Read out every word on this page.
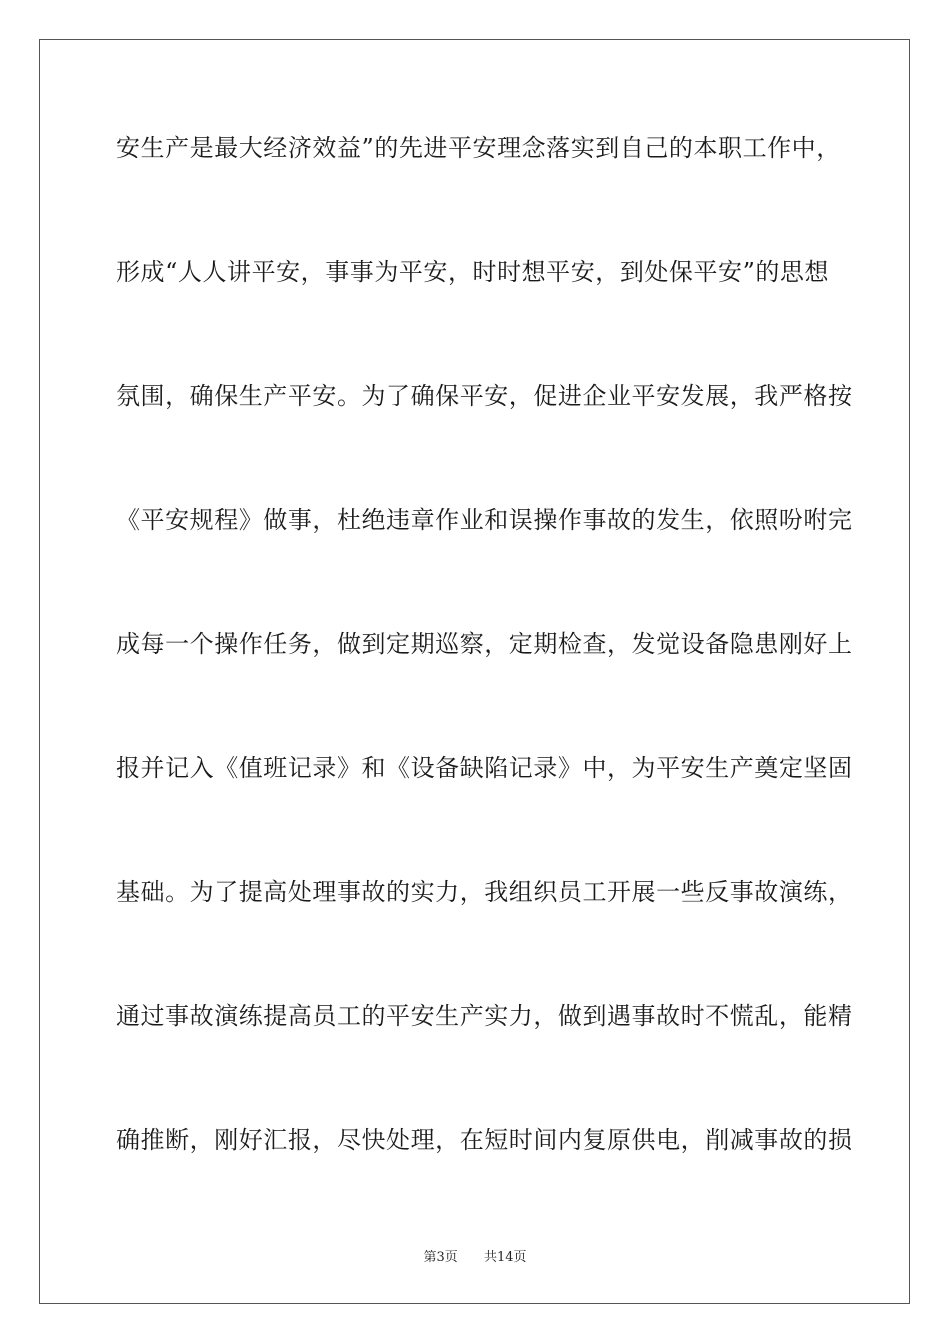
安生产是最大经济效益”的先进平安理念落实到自己的本职工作中，
形成“人人讲平安，事事为平安，时时想平安，到处保平安”的思想
氛围，确保生产平安。为了确保平安，促进企业平安发展，我严格按
《平安规程》做事，杜绝违章作业和误操作事故的发生，依照吩咐完
成每一个操作任务，做到定期巡察，定期检查，发觉设备隐患刚好上
报并记入《值班记录》和《设备缺陷记录》中，为平安生产奠定坚固
基础。为了提高处理事故的实力，我组织员工开展一些反事故演练，
通过事故演练提高员工的平安生产实力，做到遇事故时不慌乱，能精
确推断，刚好汇报，尽快处理，在短时间内复原供电，削减事故的损
第3页 共14页
